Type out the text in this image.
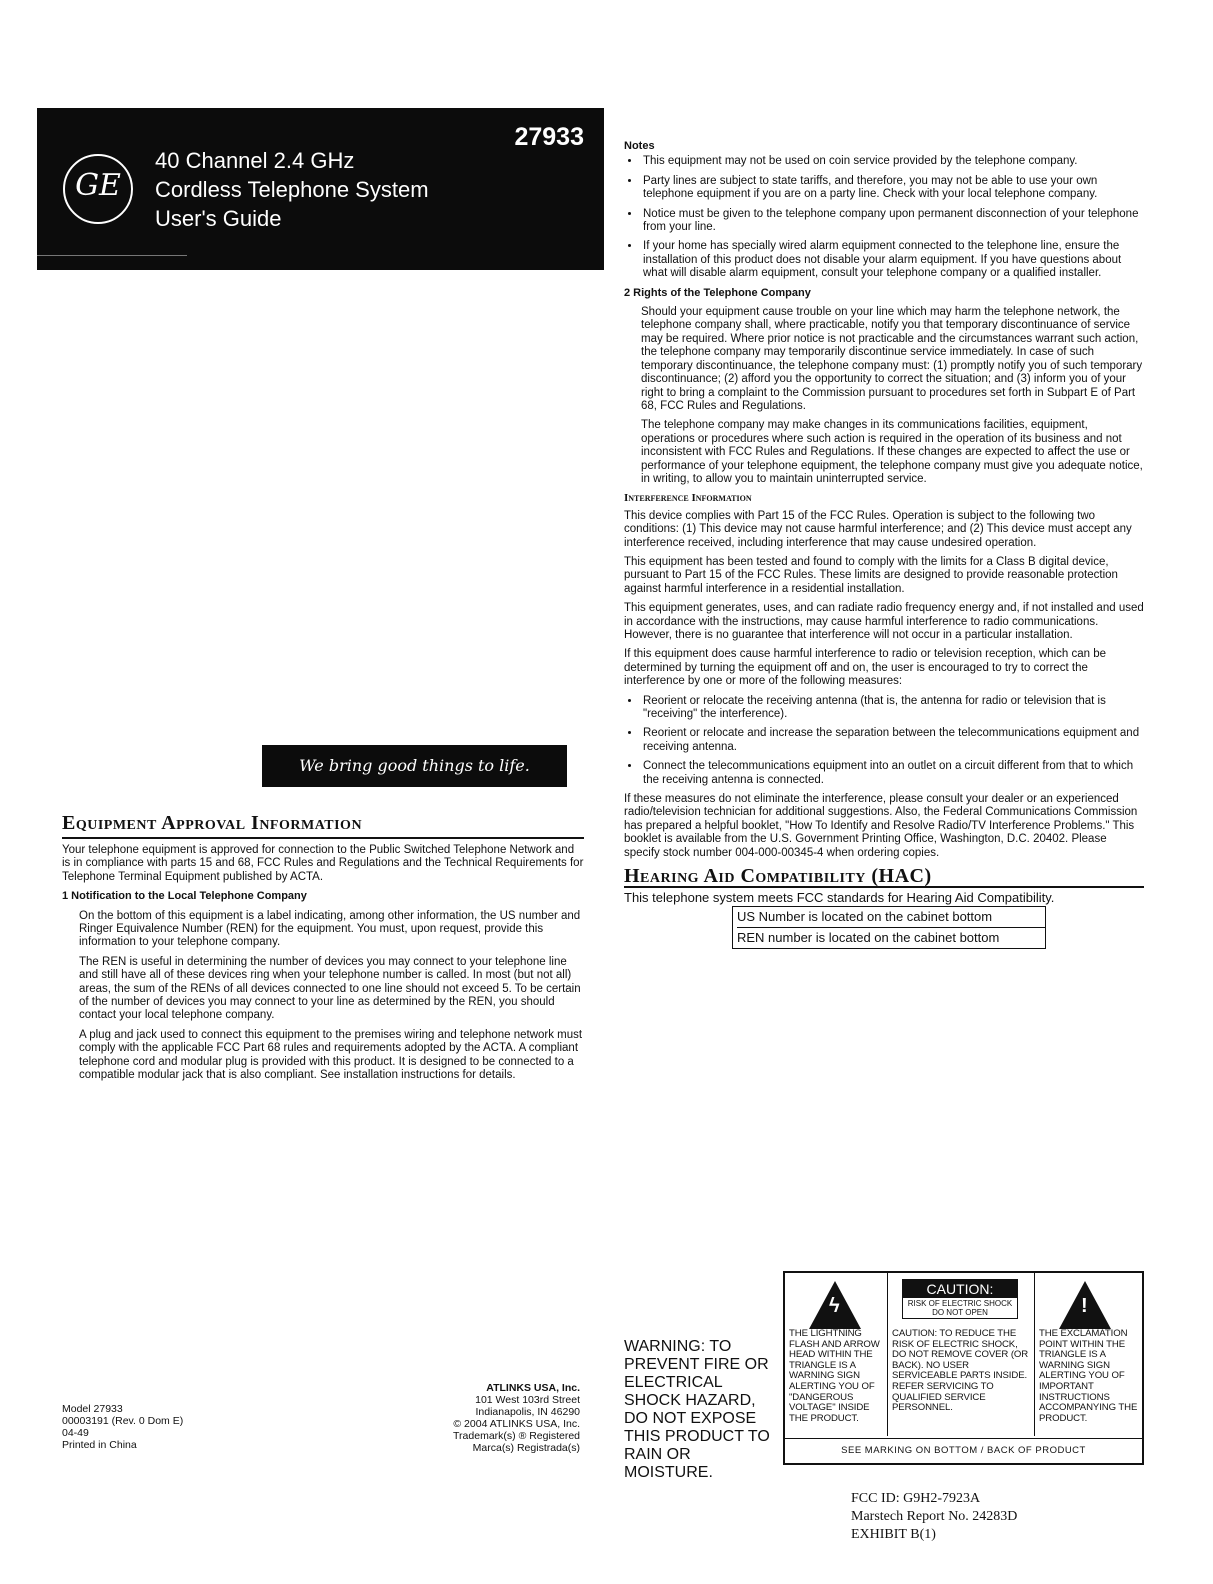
GE
27933
40 Channel 2.4 GHz
Cordless Telephone System
User's Guide
We bring good things to life.
Equipment Approval Information

Your telephone equipment is approved for connection to the Public Switched Telephone Network and is in compliance with parts 15 and 68, FCC Rules and Regulations and the Technical Requirements for Telephone Terminal Equipment published by ACTA.

1 Notification to the Local Telephone Company

On the bottom of this equipment is a label indicating, among other information, the US number and Ringer Equivalence Number (REN) for the equipment. You must, upon request, provide this information to your telephone company.

The REN is useful in determining the number of devices you may connect to your telephone line and still have all of these devices ring when your telephone number is called. In most (but not all) areas, the sum of the RENs of all devices connected to one line should not exceed 5. To be certain of the number of devices you may connect to your line as determined by the REN, you should contact your local telephone company.

A plug and jack used to connect this equipment to the premises wiring and telephone network must comply with the applicable FCC Part 68 rules and requirements adopted by the ACTA. A compliant telephone cord and modular plug is provided with this product. It is designed to be connected to a compatible modular jack that is also compliant. See installation instructions for details.

Notes
• This equipment may not be used on coin service provided by the telephone company.
• Party lines are subject to state tariffs, and therefore, you may not be able to use your own telephone equipment if you are on a party line. Check with your local telephone company.
• Notice must be given to the telephone company upon permanent disconnection of your telephone from your line.
• If your home has specially wired alarm equipment connected to the telephone line, ensure the installation of this product does not disable your alarm equipment. If you have questions about what will disable alarm equipment, consult your telephone company or a qualified installer.
2 Rights of the Telephone Company

Should your equipment cause trouble on your line which may harm the telephone network, the telephone company shall, where practicable, notify you that temporary discontinuance of service may be required. Where prior notice is not practicable and the circumstances warrant such action, the telephone company may temporarily discontinue service immediately. In case of such temporary discontinuance, the telephone company must: (1) promptly notify you of such temporary discontinuance; (2) afford you the opportunity to correct the situation; and (3) inform you of your right to bring a complaint to the Commission pursuant to procedures set forth in Subpart E of Part 68, FCC Rules and Regulations.

The telephone company may make changes in its communications facilities, equipment, operations or procedures where such action is required in the operation of its business and not inconsistent with FCC Rules and Regulations. If these changes are expected to affect the use or performance of your telephone equipment, the telephone company must give you adequate notice, in writing, to allow you to maintain uninterrupted service.

Interference Information

This device complies with Part 15 of the FCC Rules. Operation is subject to the following two conditions: (1) This device may not cause harmful interference; and (2) This device must accept any interference received, including interference that may cause undesired operation.

This equipment has been tested and found to comply with the limits for a Class B digital device, pursuant to Part 15 of the FCC Rules. These limits are designed to provide reasonable protection against harmful interference in a residential installation.

This equipment generates, uses, and can radiate radio frequency energy and, if not installed and used in accordance with the instructions, may cause harmful interference to radio communications. However, there is no guarantee that interference will not occur in a particular installation.

If this equipment does cause harmful interference to radio or television reception, which can be determined by turning the equipment off and on, the user is encouraged to try to correct the interference by one or more of the following measures:

• Reorient or relocate the receiving antenna (that is, the antenna for radio or television that is "receiving" the interference).
• Reorient or relocate and increase the separation between the telecommunications equipment and receiving antenna.
• Connect the telecommunications equipment into an outlet on a circuit different from that to which the receiving antenna is connected.

If these measures do not eliminate the interference, please consult your dealer or an experienced radio/television technician for additional suggestions. Also, the Federal Communications Commission has prepared a helpful booklet, "How To Identify and Resolve Radio/TV Interference Problems." This booklet is available from the U.S. Government Printing Office, Washington, D.C. 20402. Please specify stock number 004-000-00345-4 when ordering copies.

Hearing Aid Compatibility (HAC)
This telephone system meets FCC standards for Hearing Aid Compatibility.
US Number is located on the cabinet bottom
REN number is located on the cabinet bottom
Model 27933
00003191 (Rev. 0 Dom E)
04-49
Printed in China
ATLINKS USA, Inc.
101 West 103rd Street
Indianapolis, IN 46290
© 2004 ATLINKS USA, Inc.
Trademark(s) ® Registered
Marca(s) Registrada(s)
WARNING: TO PREVENT FIRE OR ELECTRICAL SHOCK HAZARD, DO NOT EXPOSE THIS PRODUCT TO RAIN OR MOISTURE.
ϟ
THE LIGHTNING FLASH AND ARROW HEAD WITHIN THE TRIANGLE IS A WARNING SIGN ALERTING YOU OF "DANGEROUS VOLTAGE" INSIDE THE PRODUCT.
CAUTION:
RISK OF ELECTRIC SHOCK DO NOT OPEN
CAUTION: TO REDUCE THE RISK OF ELECTRIC SHOCK, DO NOT REMOVE COVER (OR BACK). NO USER SERVICEABLE PARTS INSIDE. REFER SERVICING TO QUALIFIED SERVICE PERSONNEL.
!
THE EXCLAMATION POINT WITHIN THE TRIANGLE IS A WARNING SIGN ALERTING YOU OF IMPORTANT INSTRUCTIONS ACCOMPANYING THE PRODUCT.
SEE MARKING ON BOTTOM / BACK OF PRODUCT
FCC ID: G9H2-7923A
Marstech Report No. 24283D
EXHIBIT B(1)
